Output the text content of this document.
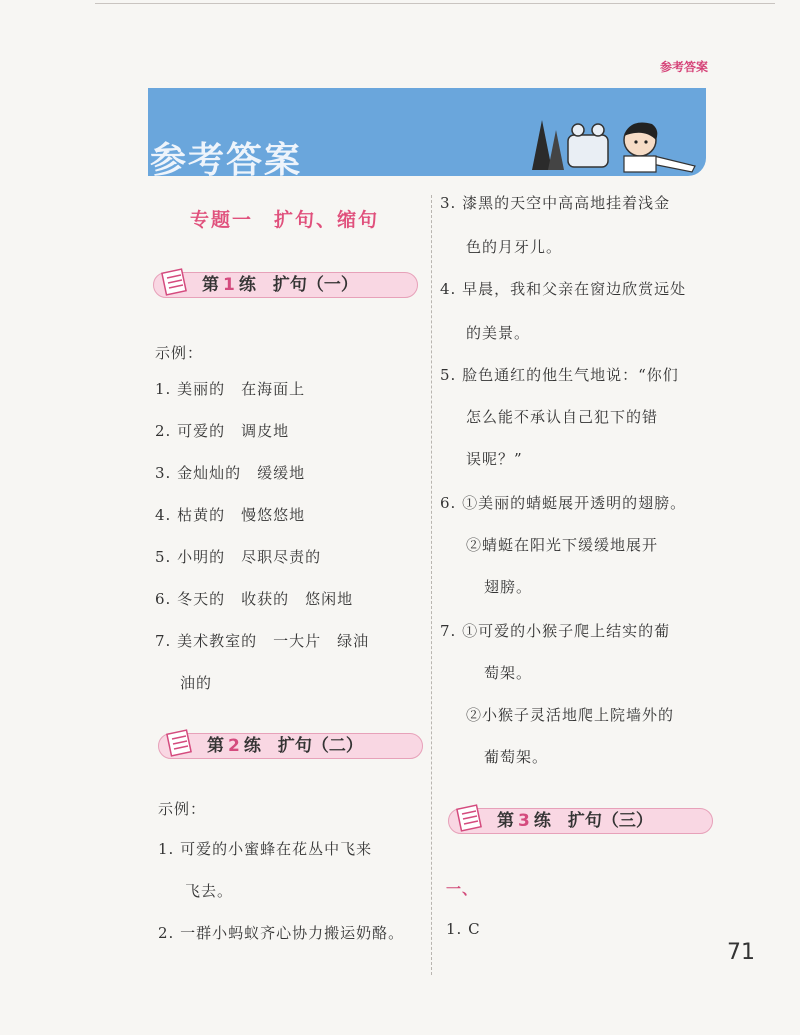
参考答案
参考答案
专题一　扩句、缩句
第 1 练　扩句（一）
示例：
1. 美丽的　在海面上
2. 可爱的　调皮地
3. 金灿灿的　缓缓地
4. 枯黄的　慢悠悠地
5. 小明的　尽职尽责的
6. 冬天的　收获的　悠闲地
7. 美术教室的　一大片　绿油
油的
第 2 练　扩句（二）
示例：
1. 可爱的小蜜蜂在花丛中飞来
飞去。
2. 一群小蚂蚁齐心协力搬运奶酪。
3. 漆黑的天空中高高地挂着浅金
色的月牙儿。
4. 早晨，我和父亲在窗边欣赏远处
的美景。
5. 脸色通红的他生气地说：“你们
怎么能不承认自己犯下的错
误呢？”
6. ①美丽的蜻蜓展开透明的翅膀。
②蜻蜓在阳光下缓缓地展开
翅膀。
7. ①可爱的小猴子爬上结实的葡
萄架。
②小猴子灵活地爬上院墙外的
葡萄架。
第 3 练　扩句（三）
一、
1. C
71
